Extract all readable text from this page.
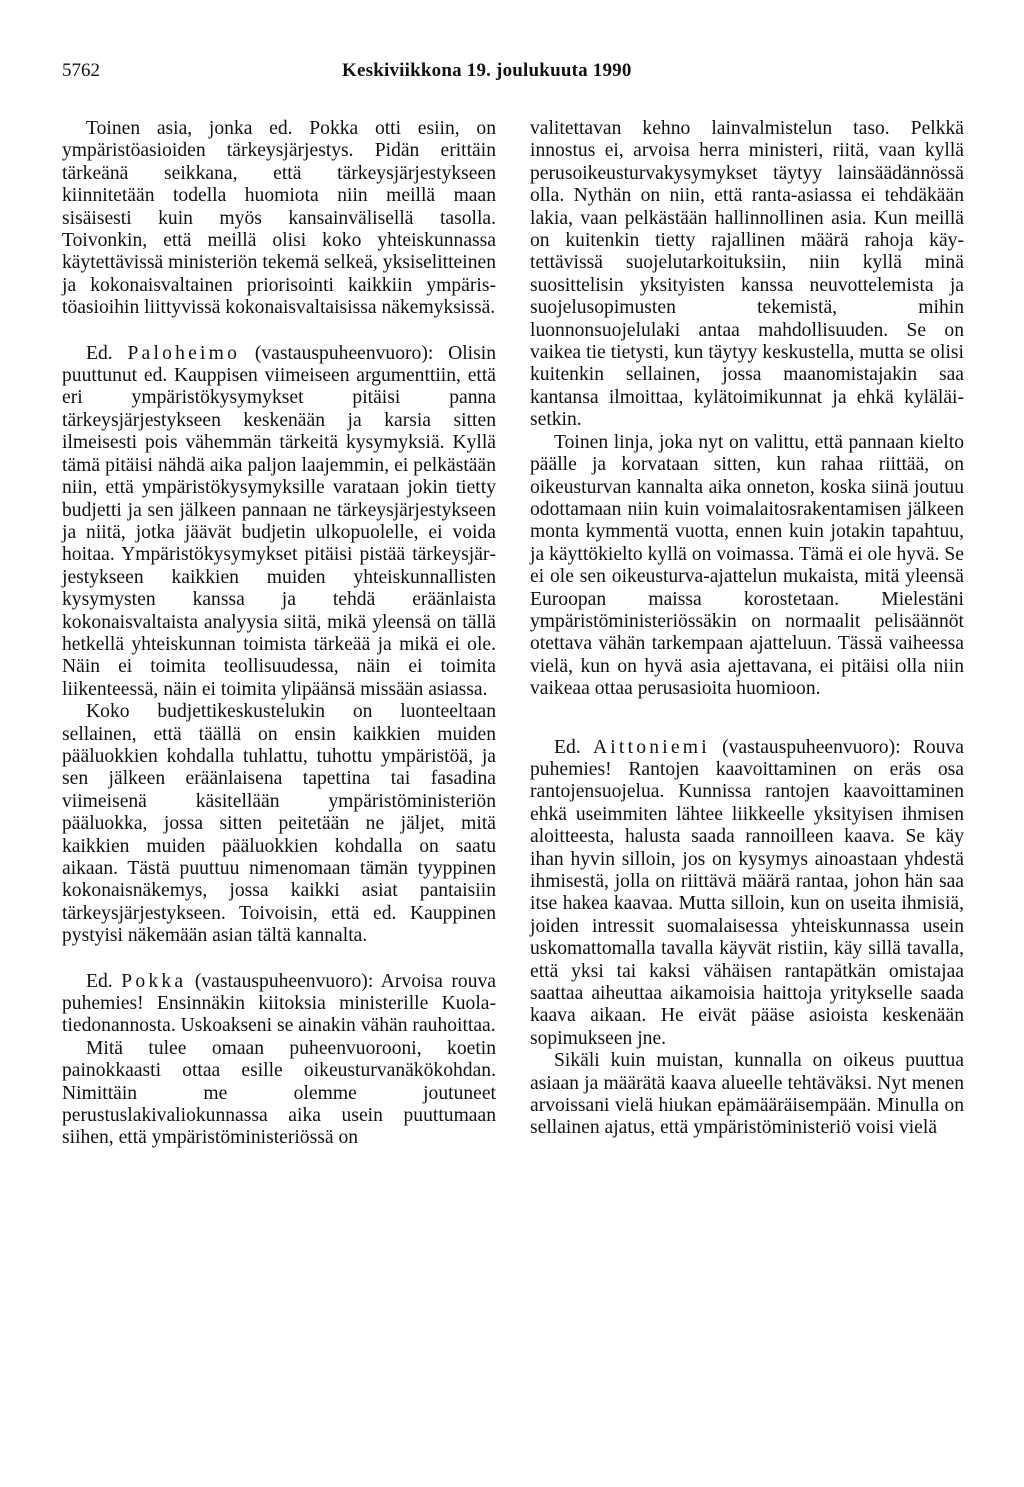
5762	Keskiviikkona 19. joulukuuta 1990

Toinen asia, jonka ed. Pokka otti esiin, on ympäristöasioiden tärkeysjärjestys. Pidän erittäin tärkeänä seikkana, että tärkeysjärjestykseen kiinnitetään todella huomiota niin meillä maan sisäisesti kuin myös kansainvälisellä tasolla. Toivonkin, että meillä olisi koko yhteiskunnassa käytettävissä ministeriön tekemä selkeä, yksiselitteinen ja kokonaisvaltainen priorisointi kaikkiin ympäristöasioihin liittyvissä kokonaisvaltaisissa näkemyksissä.

Ed. Paloheimo (vastauspuheenvuoro): Olisin puuttunut ed. Kauppisen viimeiseen argumenttiin, että eri ympäristökysymykset pitäisi panna tärkeysjärjestykseen keskenään ja karsia sitten ilmeisesti pois vähemmän tärkeitä kysymyksiä. Kyllä tämä pitäisi nähdä aika paljon laajemmin, ei pelkästään niin, että ympäristökysymyksille varataan jokin tietty budjetti ja sen jälkeen pannaan ne tärkeysjärjestykseen ja niitä, jotka jäävät budjetin ulkopuolelle, ei voida hoitaa. Ympäristökysymykset pitäisi pistää tärkeysjärjestykseen kaikkien muiden yhteiskunnallisten kysymysten kanssa ja tehdä eräänlaista kokonaisvaltaista analyysia siitä, mikä yleensä on tällä hetkellä yhteiskunnan toimista tärkeää ja mikä ei ole. Näin ei toimita teollisuudessa, näin ei toimita liikenteessä, näin ei toimita ylipäänsä missään asiassa.

Koko budjettikeskustelukin on luonteeltaan sellainen, että täällä on ensin kaikkien muiden pääluokkien kohdalla tuhlattu, tuhottu ympäristöä, ja sen jälkeen eräänlaisena tapettina tai fasadina viimeisenä käsitellään ympäristöministeriön pääluokka, jossa sitten peitetään ne jäljet, mitä kaikkien muiden pääluokkien kohdalla on saatu aikaan. Tästä puuttuu nimenomaan tämän tyyppinen kokonaisnäkemys, jossa kaikki asiat pantaisiin tärkeysjärjestykseen. Toivoisin, että ed. Kauppinen pystyisi näkemään asian tältä kannalta.

Ed. Pokka (vastauspuheenvuoro): Arvoisa rouva puhemies! Ensinnäkin kiitoksia ministerille Kuola-tiedonannosta. Uskoakseni se ainakin vähän rauhoittaa.

Mitä tulee omaan puheenvuorooni, koetin painokkaasti ottaa esille oikeusturvanäkökohdan. Nimittäin me olemme joutuneet perustuslakivaliokunnassa aika usein puuttumaan siihen, että ympäristöministeriössä on

valitettavan kehno lainvalmistelun taso. Pelkkä innostus ei, arvoisa herra ministeri, riitä, vaan kyllä perusoikeusturvakysymykset täytyy lainsäädännössä olla. Nythän on niin, että ranta-asiassa ei tehdäkään lakia, vaan pelkästään hallinnollinen asia. Kun meillä on kuitenkin tietty rajallinen määrä rahoja käytettävissä suojelutarkoituksiin, niin kyllä minä suosittelisin yksityisten kanssa neuvottelemista ja suojelusopimusten tekemistä, mihin luonnonsuojelulaki antaa mahdollisuuden. Se on vaikea tie tietysti, kun täytyy keskustella, mutta se olisi kuitenkin sellainen, jossa maanomistajakin saa kantansa ilmoittaa, kylätoimikunnat ja ehkä kyläläisetkin.

Toinen linja, joka nyt on valittu, että pannaan kielto päälle ja korvataan sitten, kun rahaa riittää, on oikeusturvan kannalta aika onneton, koska siinä joutuu odottamaan niin kuin voimalaitosrakentamisen jälkeen monta kymmentä vuotta, ennen kuin jotakin tapahtuu, ja käyttökielto kyllä on voimassa. Tämä ei ole hyvä. Se ei ole sen oikeusturva-ajattelun mukaista, mitä yleensä Euroopan maissa korostetaan. Mielestäni ympäristöministeriössäkin on normaalit pelisäännöt otettava vähän tarkempaan ajatteluun. Tässä vaiheessa vielä, kun on hyvä asia ajettavana, ei pitäisi olla niin vaikeaa ottaa perusasioita huomioon.

Ed. Aittoniemi (vastauspuheenvuoro): Rouva puhemies! Rantojen kaavoittaminen on eräs osa rantojensuojelua. Kunnissa rantojen kaavoittaminen ehkä useimmiten lähtee liikkeelle yksityisen ihmisen aloitteesta, halusta saada rannoilleen kaava. Se käy ihan hyvin silloin, jos on kysymys ainoastaan yhdestä ihmisestä, jolla on riittävä määrä rantaa, johon hän saa itse hakea kaavaa. Mutta silloin, kun on useita ihmisiä, joiden intressit suomalaisessa yhteiskunnassa usein uskomattomalla tavalla käyvät ristiin, käy sillä tavalla, että yksi tai kaksi vähäisen rantapätkän omistajaa saattaa aiheuttaa aikamoisia haittoja yritykselle saada kaava aikaan. He eivät pääse asioista keskenään sopimukseen jne.

Sikäli kuin muistan, kunnalla on oikeus puuttua asiaan ja määrätä kaava alueelle tehtäväksi. Nyt menen arvoissani vielä hiukan epämääräisempään. Minulla on sellainen ajatus, että ympäristöministeriö voisi vielä
